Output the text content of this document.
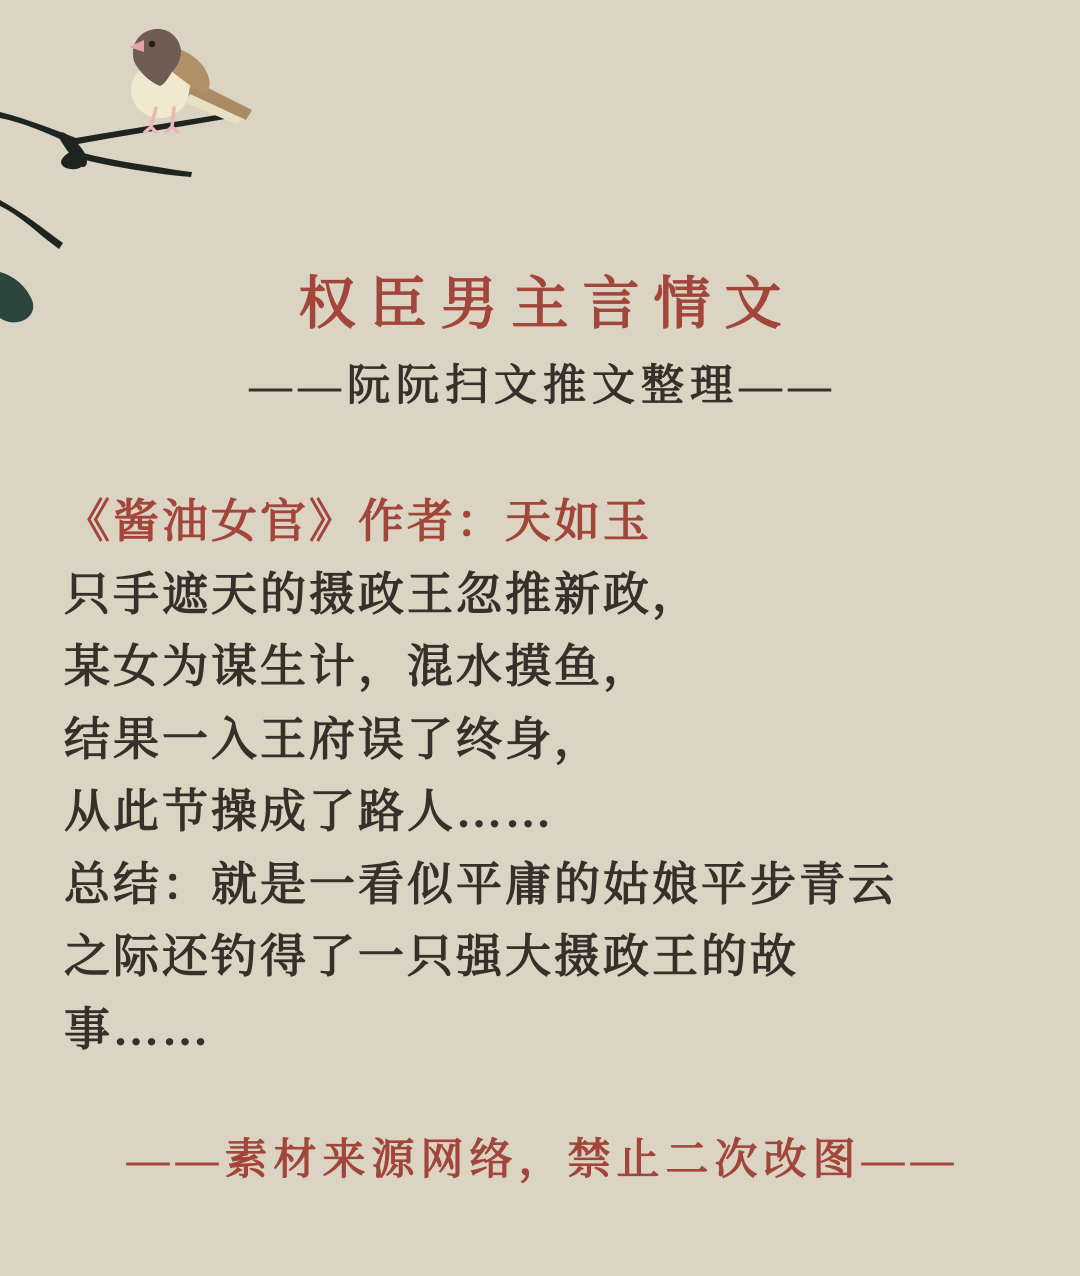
权臣男主言情文
——阮阮扫文推文整理——
《酱油女官》作者：天如玉
只手遮天的摄政王忽推新政，
某女为谋生计，混水摸鱼，
结果一入王府误了终身，
从此节操成了路人……
总结：就是一看似平庸的姑娘平步青云
之际还钓得了一只强大摄政王的故
事……
——素材来源网络，禁止二次改图——
